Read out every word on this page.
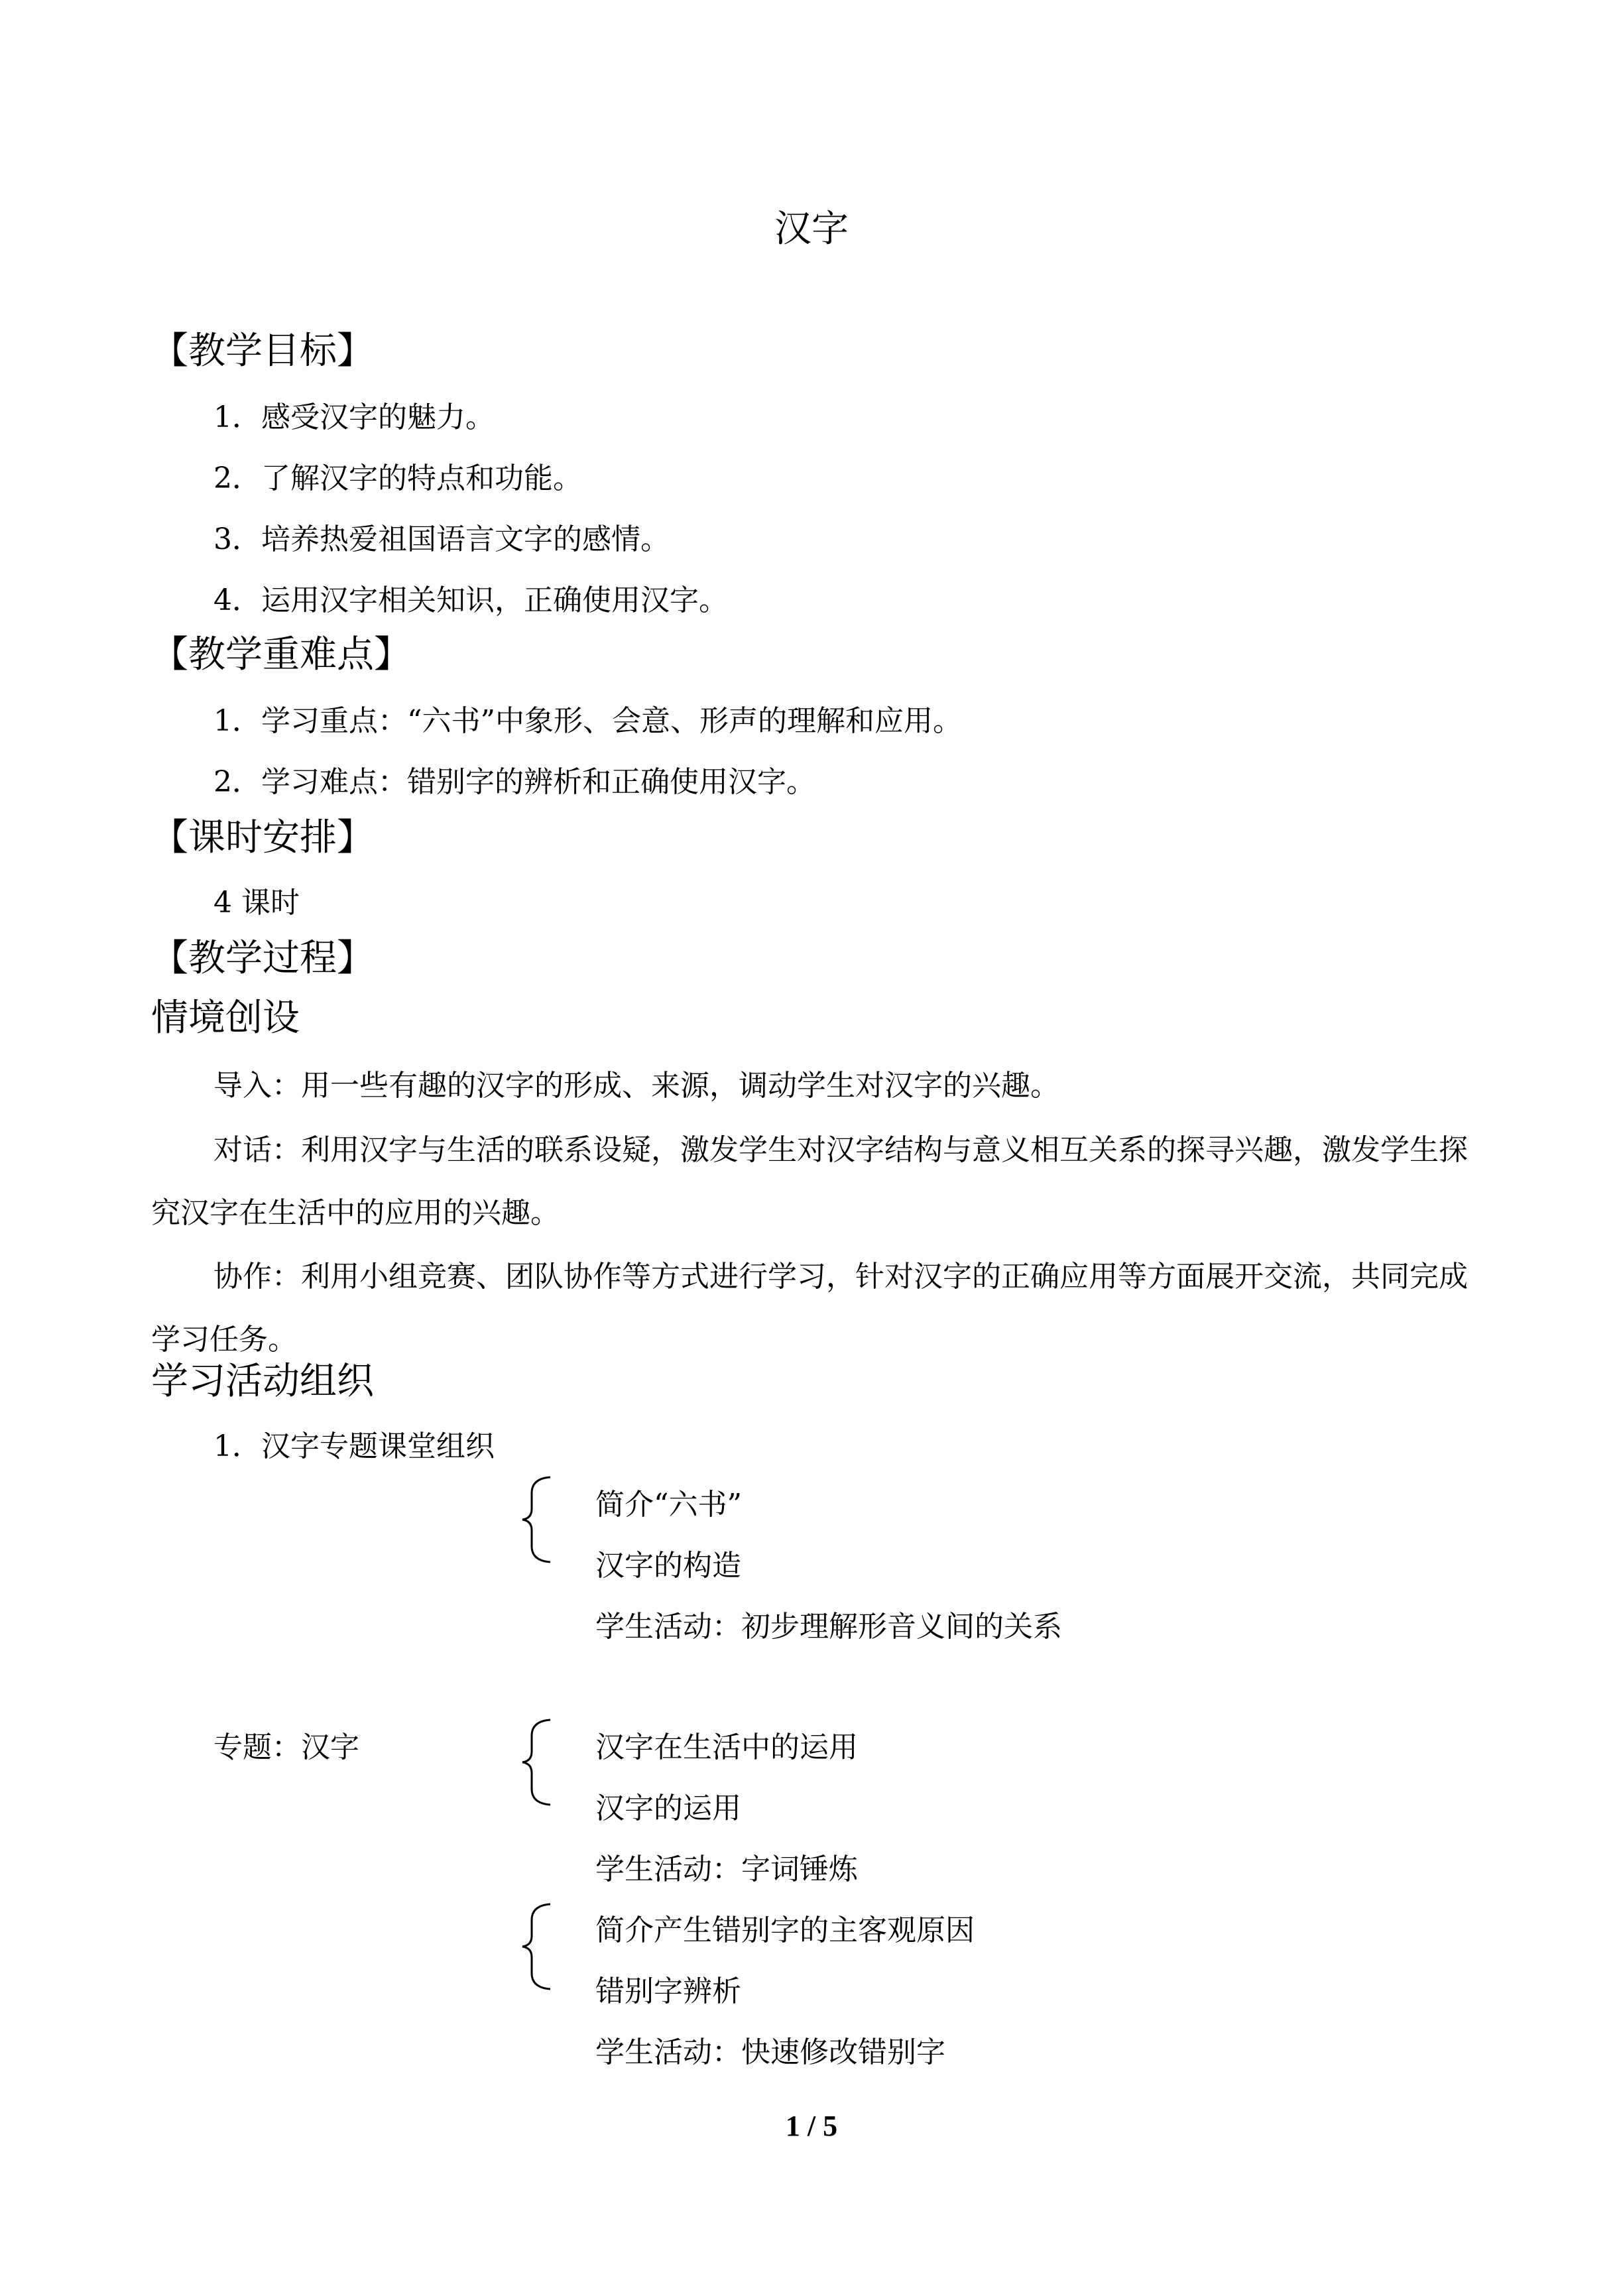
汉字
【教学目标】
1．感受汉字的魅力。
2．了解汉字的特点和功能。
3．培养热爱祖国语言文字的感情。
4．运用汉字相关知识，正确使用汉字。
【教学重难点】
1．学习重点：“六书”中象形、会意、形声的理解和应用。
2．学习难点：错别字的辨析和正确使用汉字。
【课时安排】
4 课时
【教学过程】
情境创设
导入：用一些有趣的汉字的形成、来源，调动学生对汉字的兴趣。
对话：利用汉字与生活的联系设疑，激发学生对汉字结构与意义相互关系的探寻兴趣，激发学生探究汉字在生活中的应用的兴趣。
协作：利用小组竞赛、团队协作等方式进行学习，针对汉字的正确应用等方面展开交流，共同完成学习任务。
学习活动组织
1．汉字专题课堂组织
简介“六书”
汉字的构造
学生活动：初步理解形音义间的关系
专题：汉字	汉字在生活中的运用
汉字的运用
学生活动：字词锤炼
简介产生错别字的主客观原因
错别字辨析
学生活动：快速修改错别字
1 / 5
